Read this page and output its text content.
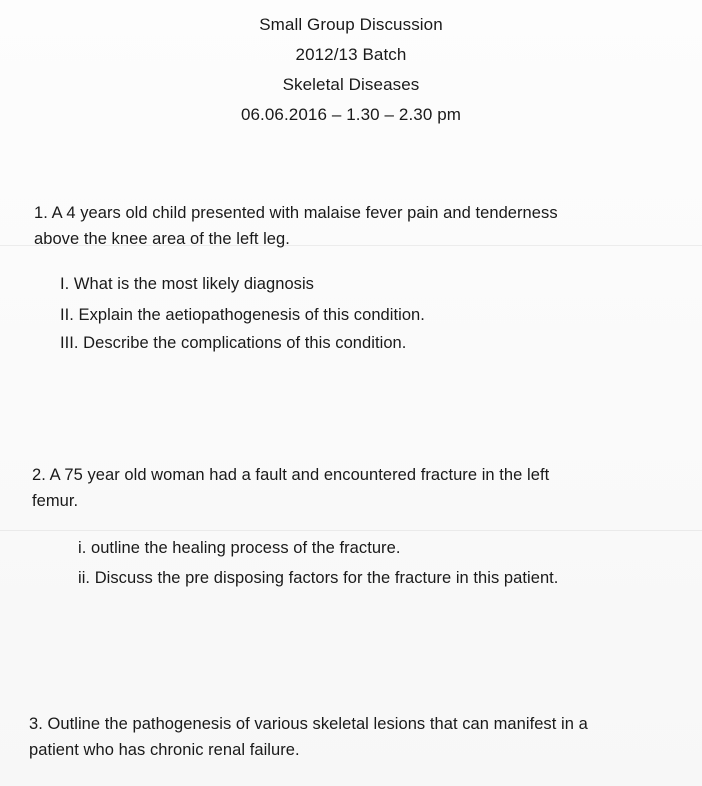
Small Group Discussion
2012/13 Batch
Skeletal Diseases
06.06.2016 – 1.30 – 2.30 pm
1. A 4 years old child presented with malaise fever pain and tenderness
above the knee area of the left leg.
I. What is the most likely diagnosis
II. Explain the aetiopathogenesis of this condition.
III. Describe the complications of this condition.
2. A 75 year old woman had a fault and encountered fracture in the left
femur.
i. outline the healing process of the fracture.
ii. Discuss the pre disposing factors for the fracture in this patient.
3. Outline the pathogenesis of various skeletal lesions that can manifest in a
patient who has chronic renal failure.
